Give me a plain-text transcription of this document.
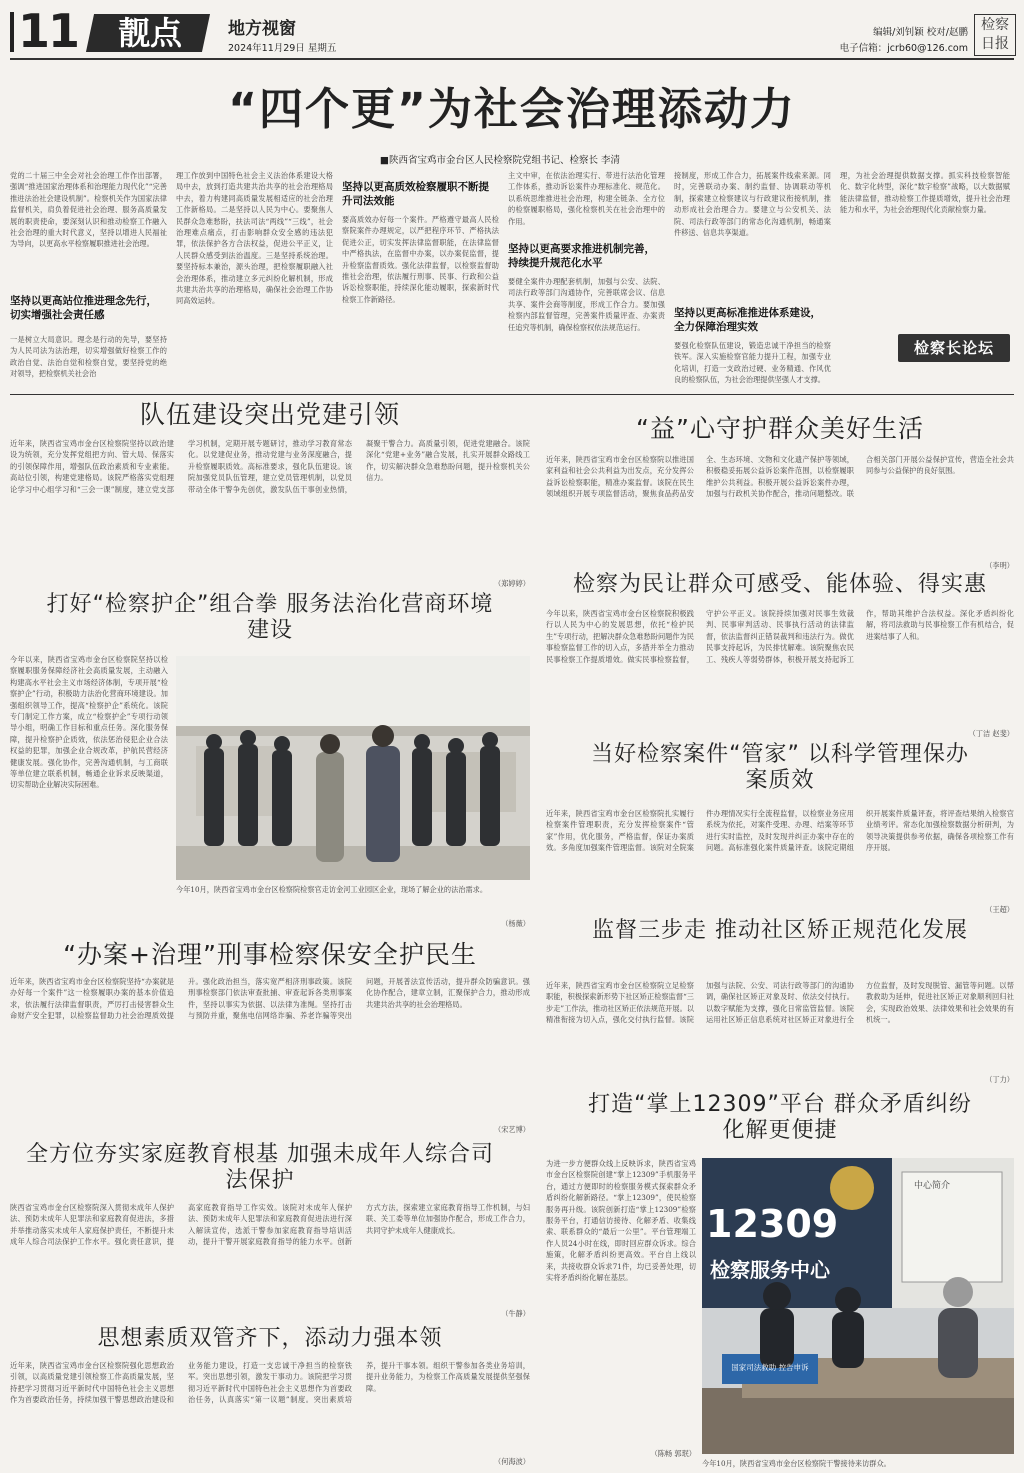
11	靓点	地方视窗
2024年11月29日 星期五
编辑/刘钊颖 校对/赵鹏
电子信箱：jcrb60@126.com
检察日报
“四个更”为社会治理添动力
■陕西省宝鸡市金台区人民检察院党组书记、检察长 李清
党的二十届三中全会对社会治理工作作出部署，强调“推进国家治理体系和治理能力现代化”“完善推进法治社会建设机制”。检察机关作为国家法律监督机关，肩负着促进社会治理、服务高质量发展的职责使命，要深刻认识和推动检察工作融入社会治理的重大时代意义，坚持以增进人民福祉为导向，以更高水平检察履职推进社会治理。
坚持以更高站位推进理念先行，切实增强社会责任感
一是树立大局意识。理念是行动的先导，要坚持为人民司法为法治理，切实增强做好检察工作的政治自觉、法治自觉和检察自觉，要坚持党的绝对领导，把检察机关社会治
理工作放到中国特色社会主义法治体系建设大格局中去，放到打造共建共治共享的社会治理格局中去，着力构建同高质量发展相适应的社会治理工作新格局。二是坚持以人民为中心。要聚焦人民群众急难愁盼，扶法司法“两线”“三线”，社会治理难点痛点，打击影响群众安全感的违法犯罪，依法保护各方合法权益，促进公平正义，让人民群众感受到法治温度。三是坚持系统治理。要坚持标本兼治，源头治理，把检察履职融入社会治理体系，推动建立多元纠纷化解机制，形成共建共治共享的治理格局，确保社会治理工作协同高效运转。
坚持以更高质效检察履职不断提升司法效能
要高质效办好每一个案件。严格遵守最高人民检察院案件办理规定，以严把程序环节、严格执法促进公正，切实发挥法律监督职能，在法律监督中严格执法，在监督中办案，以办案促监督，提升检察监督质效。强化法律监督，以检察监督助推社会治理，依法履行刑事、民事、行政和公益诉讼检察职能，持续深化能动履职，探索新时代检察工作新路径。
主文中审，在依法治理实行、带进行法治化管理工作体系，推动诉讼案件办理标准化、规范化。以系统思维推进社会治理，构建全链条、全方位的检察履职格局，强化检察机关在社会治理中的作用。
坚持以更高要求推进机制完善，持续提升规范化水平
要健全案件办理配套机制，加强与公安、法院、司法行政等部门沟通协作，完善联席会议、信息共享、案件会商等制度，形成工作合力。要加强检察内部监督管理，完善案件质量评查、办案责任追究等机制，确保检察权依法规范运行。
接制度，形成工作合力，拓展案件线索来源。同时，完善联动办案、制约监督、协调联动等机制，探索建立检察建议与行政建议衔接机制，推动形成社会治理合力。要建立与公安机关、法院、司法行政等部门的常态化沟通机制，畅通案件移送、信息共享渠道。
坚持以更高标准推进体系建设，全力保障治理实效
要强化检察队伍建设，锻造忠诚干净担当的检察铁军。深入实施检察官能力提升工程，加强专业化培训，打造一支政治过硬、业务精通、作风优良的检察队伍，为社会治理提供坚强人才支撑。
理，为社会治理提供数据支撑。抓实科技检察智能化、数字化转型，深化“数字检察”战略，以大数据赋能法律监督，推动检察工作提质增效，提升社会治理能力和水平，为社会治理现代化贡献检察力量。
检察长论坛
队伍建设突出党建引领
近年来，陕西省宝鸡市金台区检察院坚持以政治建设为统领，充分发挥党组把方向、管大局、保落实的引领保障作用，增强队伍政治素质和专业素能。高站位引领，构建党建格局。该院严格落实党组理论学习中心组学习和“三会一课”制度，建立党支部学习机制，定期开展专题研讨，推动学习教育常态化。以党建促业务，推动党建与业务深度融合，提升检察履职质效。高标准要求，强化队伍建设。该院加强党员队伍管理，建立党员管理机制，以党员带动全体干警争先创优，激发队伍干事创业热情，凝聚干警合力。高质量引领，促进党建融合。该院深化“党建+业务”融合发展，扎实开展群众路线工作，切实解决群众急难愁盼问题，提升检察机关公信力。
（郑婷婷）
打好“检察护企”组合拳 服务法治化营商环境建设
今年以来，陕西省宝鸡市金台区检察院坚持以检察履职服务保障经济社会高质量发展，主动融入构建高水平社会主义市场经济体制，专项开展“检察护企”行动，积极助力法治化营商环境建设。加强组织领导工作，提高“检察护企”系统化。该院专门制定工作方案，成立“检察护企”专项行动领导小组，明确工作目标和重点任务。深化服务保障，提升检察护企质效，依法惩治侵犯企业合法权益的犯罪，加强企业合规改革，护航民营经济健康发展。强化协作，完善沟通机制，与工商联等单位建立联系机制，畅通企业诉求反映渠道，切实帮助企业解决实际困难。
今年10月，陕西省宝鸡市金台区检察院检察官走访金河工业园区企业，现场了解企业的法治需求。
（杨薇）
“办案+治理”刑事检察保安全护民生
近年来，陕西省宝鸡市金台区检察院坚持“办案就是办好每一个案件”这一检察履职办案的基本价值追求，依法履行法律监督职责，严厉打击侵害群众生命财产安全犯罪，以检察监督助力社会治理质效提升。强化政治担当，落实宽严相济刑事政策。该院刑事检察部门依法审查批捕、审查起诉各类刑事案件，坚持以事实为依据、以法律为准绳。坚持打击与预防并重，聚焦电信网络诈骗、养老诈骗等突出问题，开展普法宣传活动，提升群众防骗意识。强化协作配合，建章立制，汇聚保护合力，推动形成共建共治共享的社会治理格局。
（宋艺博）
全方位夯实家庭教育根基 加强未成年人综合司法保护
陕西省宝鸡市金台区检察院深入贯彻未成年人保护法、预防未成年人犯罪法和家庭教育促进法，多措并举推动落实未成年人家庭保护责任，不断提升未成年人综合司法保护工作水平。强化责任意识，提高家庭教育指导工作实效。该院对未成年人保护法、预防未成年人犯罪法和家庭教育促进法进行深入解读宣传，选派干警参加家庭教育指导培训活动，提升干警开展家庭教育指导的能力水平。创新方式方法，探索建立家庭教育指导工作机制，与妇联、关工委等单位加强协作配合，形成工作合力，共同守护未成年人健康成长。
（牛静）
思想素质双管齐下，添动力强本领
近年来，陕西省宝鸡市金台区检察院强化思想政治引领，以高质量党建引领检察工作高质量发展，坚持把学习贯彻习近平新时代中国特色社会主义思想作为首要政治任务，持续加强干警思想政治建设和业务能力建设，打造一支忠诚干净担当的检察铁军。突出思想引领，激发干事动力。该院把学习贯彻习近平新时代中国特色社会主义思想作为首要政治任务，认真落实“第一议题”制度。突出素质培养，提升干事本领。组织干警参加各类业务培训，提升业务能力，为检察工作高质量发展提供坚强保障。
（何海波）
“益”心守护群众美好生活
近年来，陕西省宝鸡市金台区检察院以推进国家利益和社会公共利益为出发点，充分发挥公益诉讼检察职能，精准办案监督。该院在民生领域组织开展专项监督活动，聚焦食品药品安全、生态环境、文物和文化遗产保护等领域，积极稳妥拓展公益诉讼案件范围，以检察履职维护公共利益。积极开展公益诉讼案件办理，加强与行政机关协作配合，推动问题整改。联合相关部门开展公益保护宣传，营造全社会共同参与公益保护的良好氛围。
（李明）
检察为民让群众可感受、能体验、得实惠
今年以来，陕西省宝鸡市金台区检察院积极践行以人民为中心的发展思想，依托“检护民生”专项行动，把解决群众急难愁盼问题作为民事检察监督工作的切入点，多措并举全力推动民事检察工作提质增效。做实民事检察监督，守护公平正义。该院持续加强对民事生效裁判、民事审判活动、民事执行活动的法律监督，依法监督纠正错误裁判和违法行为。做优民事支持起诉，为民排忧解难。该院聚焦农民工、残疾人等弱势群体，积极开展支持起诉工作，帮助其维护合法权益。深化矛盾纠纷化解，将司法救助与民事检察工作有机结合，促进案结事了人和。
（丁洁 赵斐）
当好检察案件“管家” 以科学管理保办案质效
近年来，陕西省宝鸡市金台区检察院扎实履行检察案件管理职责，充分发挥检察案件“管家”作用，优化服务，严格监督，保证办案质效。多角度加强案件管理监督。该院对全院案件办理情况实行全流程监督，以检察业务应用系统为依托，对案件受理、办理、结案等环节进行实时监控，及时发现并纠正办案中存在的问题。高标准强化案件质量评查。该院定期组织开展案件质量评查，将评查结果纳入检察官业绩考评。常态化加强检察数据分析研判，为领导决策提供参考依据，确保各项检察工作有序开展。
（王超）
监督三步走 推动社区矫正规范化发展
近年来，陕西省宝鸡市金台区检察院立足检察职能，积极探索新形势下社区矫正检察监督“三步走”工作法，推动社区矫正依法规范开展。以精准衔接为切入点，强化交付执行监督。该院加强与法院、公安、司法行政等部门的沟通协调，确保社区矫正对象及时、依法交付执行。以数字赋能为支撑，强化日常监管监督。该院运用社区矫正信息系统对社区矫正对象进行全方位监督，及时发现脱管、漏管等问题。以帮教救助为延伸，促进社区矫正对象顺利回归社会，实现政治效果、法律效果和社会效果的有机统一。
（丁力）
打造“掌上12309”平台 群众矛盾纠纷化解更便捷
为进一步方便群众线上反映诉求，陕西省宝鸡市金台区检察院创建“掌上12309”手机服务平台，通过方便即时的检察服务模式探索群众矛盾纠纷化解新路径。“掌上12309”，使民检察服务再升级。该院创新打造“掌上12309”检察服务平台，打通信访接待、化解矛盾、收集线索、联系群众的“最后一公里”。平台管理端工作人员24小时在线，即时回应群众诉求。综合施策，化解矛盾纠纷更高效。平台自上线以来，共接收群众诉求71件，均已妥善处理，切实将矛盾纠纷化解在基层。
（陈畅 郭珉）
12309
检察服务中心
中心简介
国家司法救助 控告申诉
今年10月，陕西省宝鸡市金台区检察院干警接待来访群众。
